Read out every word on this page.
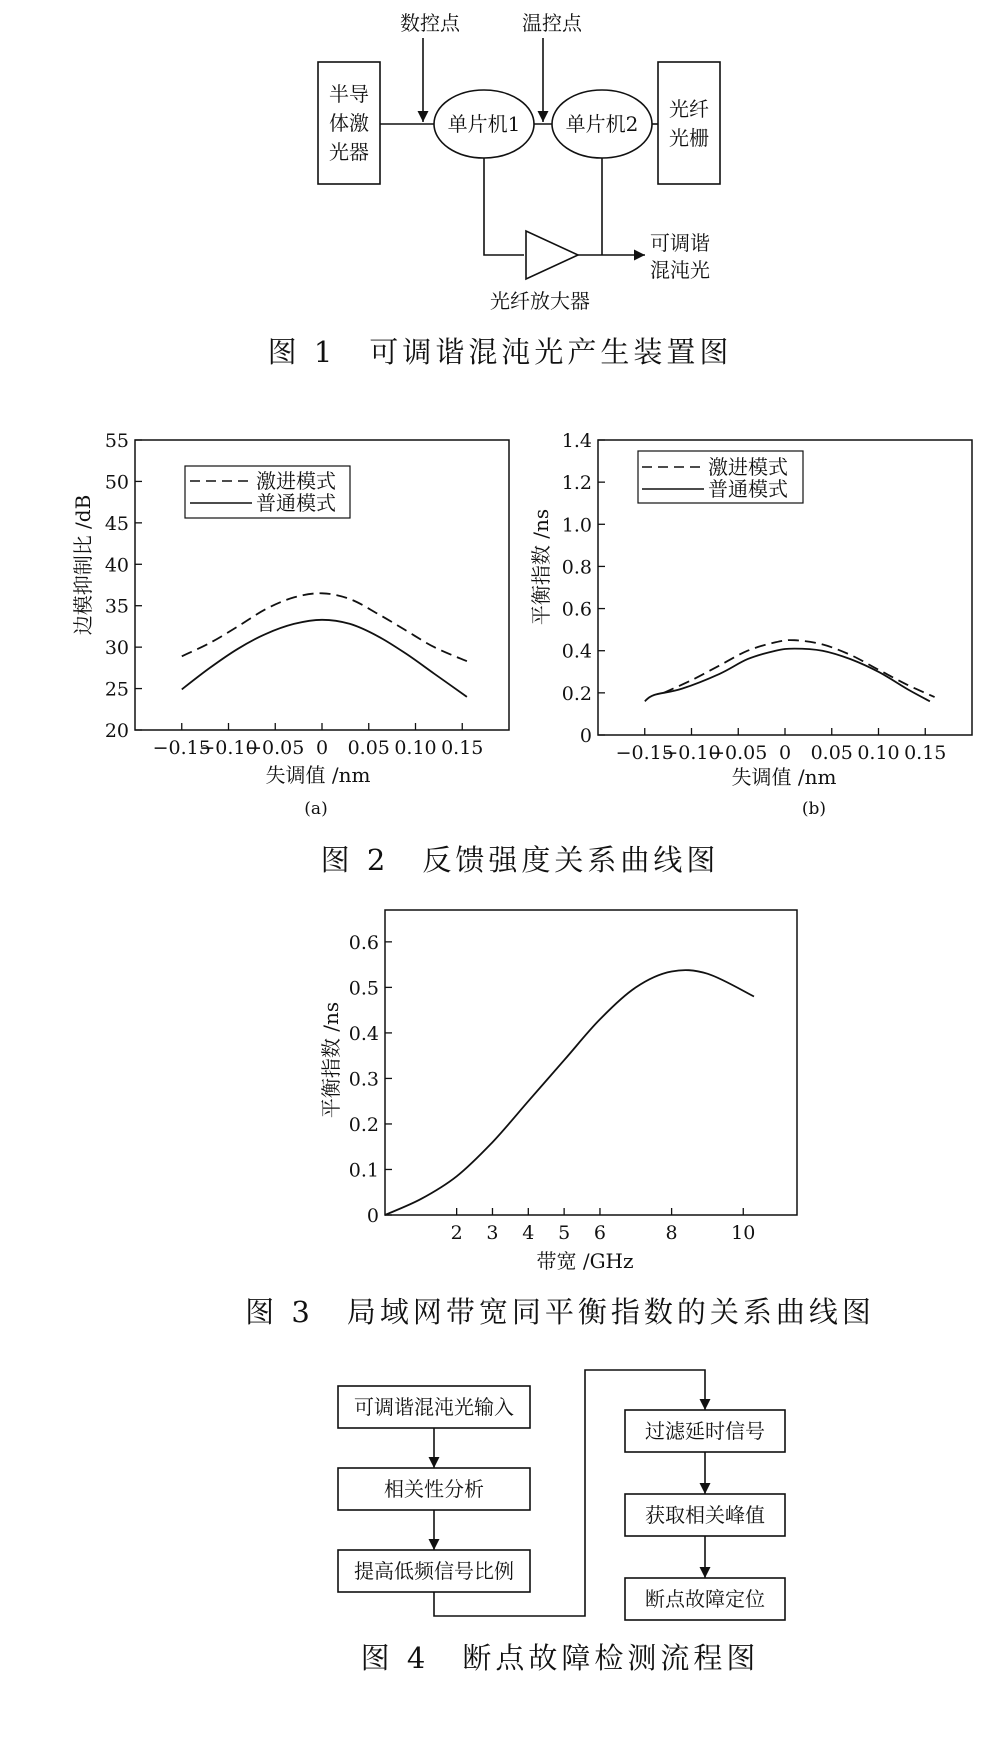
半导
体激
光器
光纤
光栅
单片机1 单片机2
数控点	温控点
光纤放大器
可调谐
混沌光
图 1　可调谐混沌光产生装置图
−0.15
−0.10
−0.05 0 0.05 0.10 0.15
20
25
30
35
40
45
50
55
激进模式
普通模式
失调值 /nm
边模抑制比 /dB
(a)
−0.15
−0.10
−0.05 0 0.05 0.10 0.15
0
0.2
0.4
0.6
0.8
1.0
1.2
1.4
激进模式
普通模式
失调值 /nm
平衡指数 /ns
(b)
图 2　反馈强度关系曲线图
2 3 4 5 6	8	10
0
0.1
0.2
0.3
0.4
0.5
0.6
带宽 /GHz
平衡指数 /ns
图 3　局域网带宽同平衡指数的关系曲线图
可调谐混沌光输入
相关性分析
提高低频信号比例
过滤延时信号
获取相关峰值
断点故障定位
图 4　断点故障检测流程图
